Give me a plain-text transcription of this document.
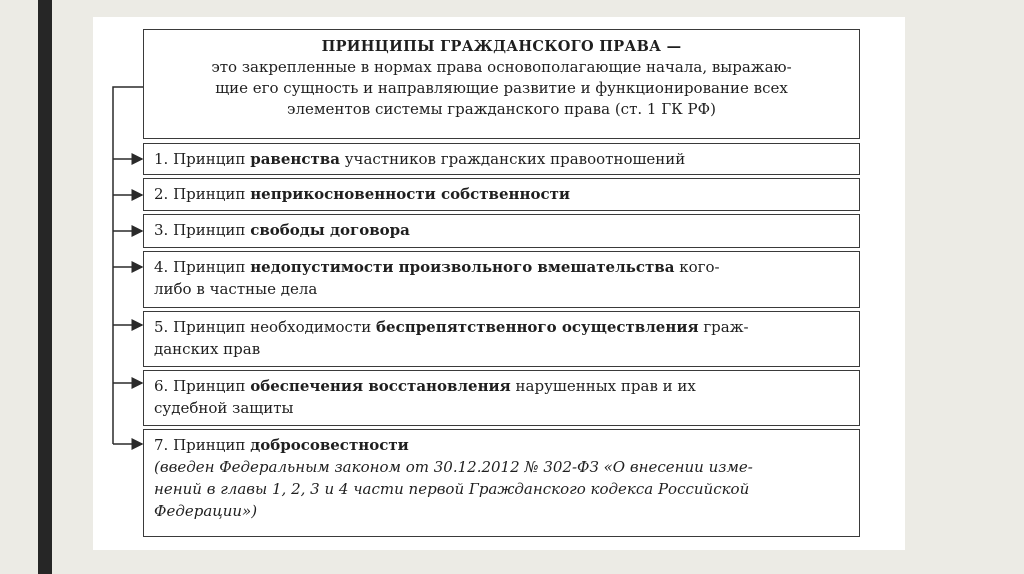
ПРИНЦИПЫ ГРАЖДАНСКОГО ПРАВА —
это закрепленные в нормах права основополагающие начала, выражаю-
щие его сущность и направляющие развитие и функционирование всех
элементов системы гражданского права (ст. 1 ГК РФ)
1. Принцип равенства участников гражданских правоотношений
2. Принцип неприкосновенности собственности
3. Принцип свободы договора
4. Принцип недопустимости произвольного вмешательства кого-
либо в частные дела
5. Принцип необходимости беспрепятственного осуществления граж-
данских прав
6. Принцип обеспечения восстановления нарушенных прав и их
судебной защиты
7. Принцип добросовестности
(введен Федеральным законом от 30.12.2012 № 302-ФЗ «О внесении изме-
нений в главы 1, 2, 3 и 4 части первой Гражданского кодекса Российской
Федерации»)
